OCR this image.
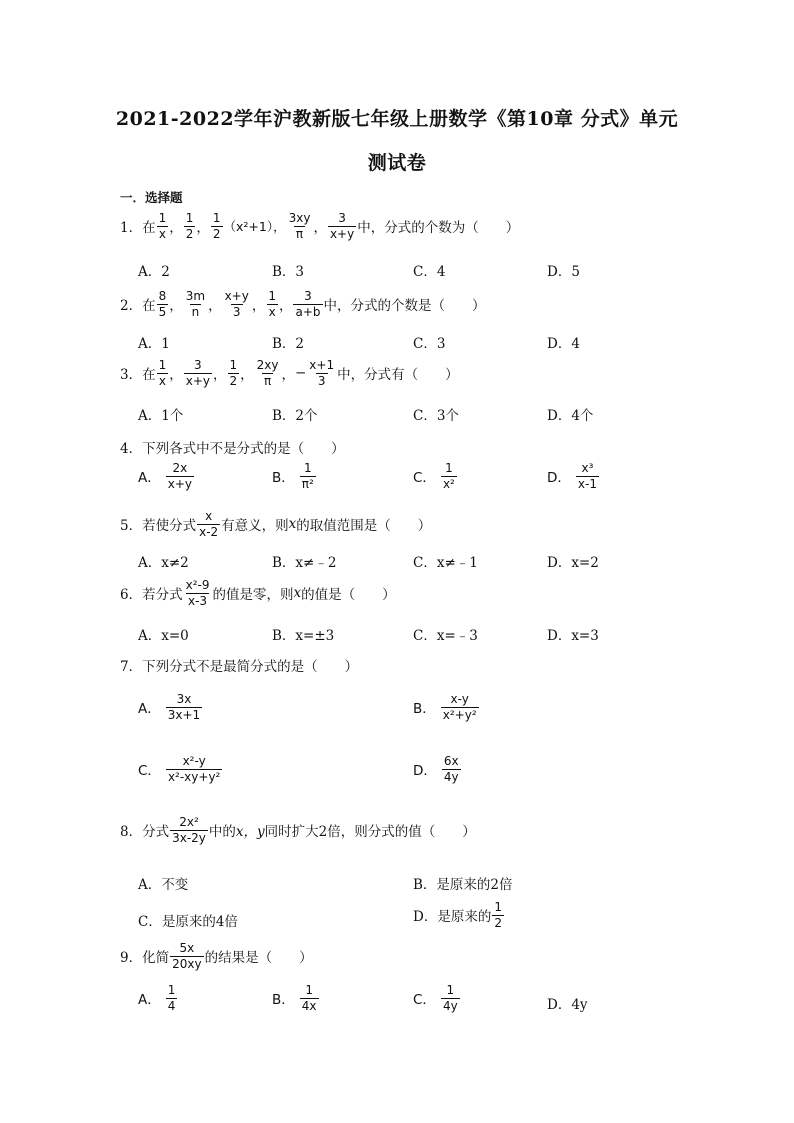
2021-2022学年沪教新版七年级上册数学《第10章 分式》单元
测试卷
一．选择题
1． 在 $\frac{1}{x}$ ， $\frac{1}{2}$ ， $\frac{1}{2} (x^2+1)$， $\frac{3xy}{\pi}$ ， $\frac{3}{x+y}$ 中，分式的个数为（　　）
A．2	B．3	C．4	D．5
2． 在 $\frac{8}{5}$ ， $\frac{3m}{n}$ ， $\frac{x+y}{3}$ ， $\frac{1}{x}$ ， $\frac{3}{a+b}$ 中，分式的个数是（　　）
A．1	B．2	C．3	D．4
3． 在 $\frac{1}{x}$ ， $\frac{3}{x+y}$ ， $\frac{1}{2}$ ， $\frac{2xy}{\pi}$ ， − $\frac{x+1}{3}$ 中，分式有（　　）
A．1个	B．2个	C．3个	D．4个
4．下列各式中不是分式的是（　　）
A． $\frac{2x}{x+y}$	B． $\frac{1}{\text{π²}}$	C． $\frac{1}{\text{x²}}$	D． $\frac{\text{x³}}{x-1}$
5．若使分式 $\frac{x}{x-2}$ 有意义，则 x 的取值范围是（　　）
A．x≠2	B．x≠﹣2	C．x≠﹣1	D．x=2
6．若分式 $\frac{\text{x²-9}}{x-3}$ 的值是零，则 x 的值是（　　）
A．x=0	B．x=±3	C．x=﹣3	D．x=3
7．下列分式不是最简分式的是（　　）
A． $\frac{3x}{3x+1}$	B． $\frac{x-y}{\text{x²+y²}}$
C． $\frac{\text{x²-y}}{\text{x²-xy+y²}}$	D． $\frac{6x}{4y}$
8．分式 $\frac{\text{2x²}}{3x-2y}$ 中的 x，y 同时扩大2倍，则分式的值（　　）
A．不变	B．是原来的2倍
C．是原来的4倍	D．是原来的 $\frac{1}{2}$
9．化简 $\frac{5x}{20xy}$ 的结果是（　　）
A． $\frac{1}{4}$	B． $\frac{1}{4x}$	C． $\frac{1}{4y}$	D．4y
